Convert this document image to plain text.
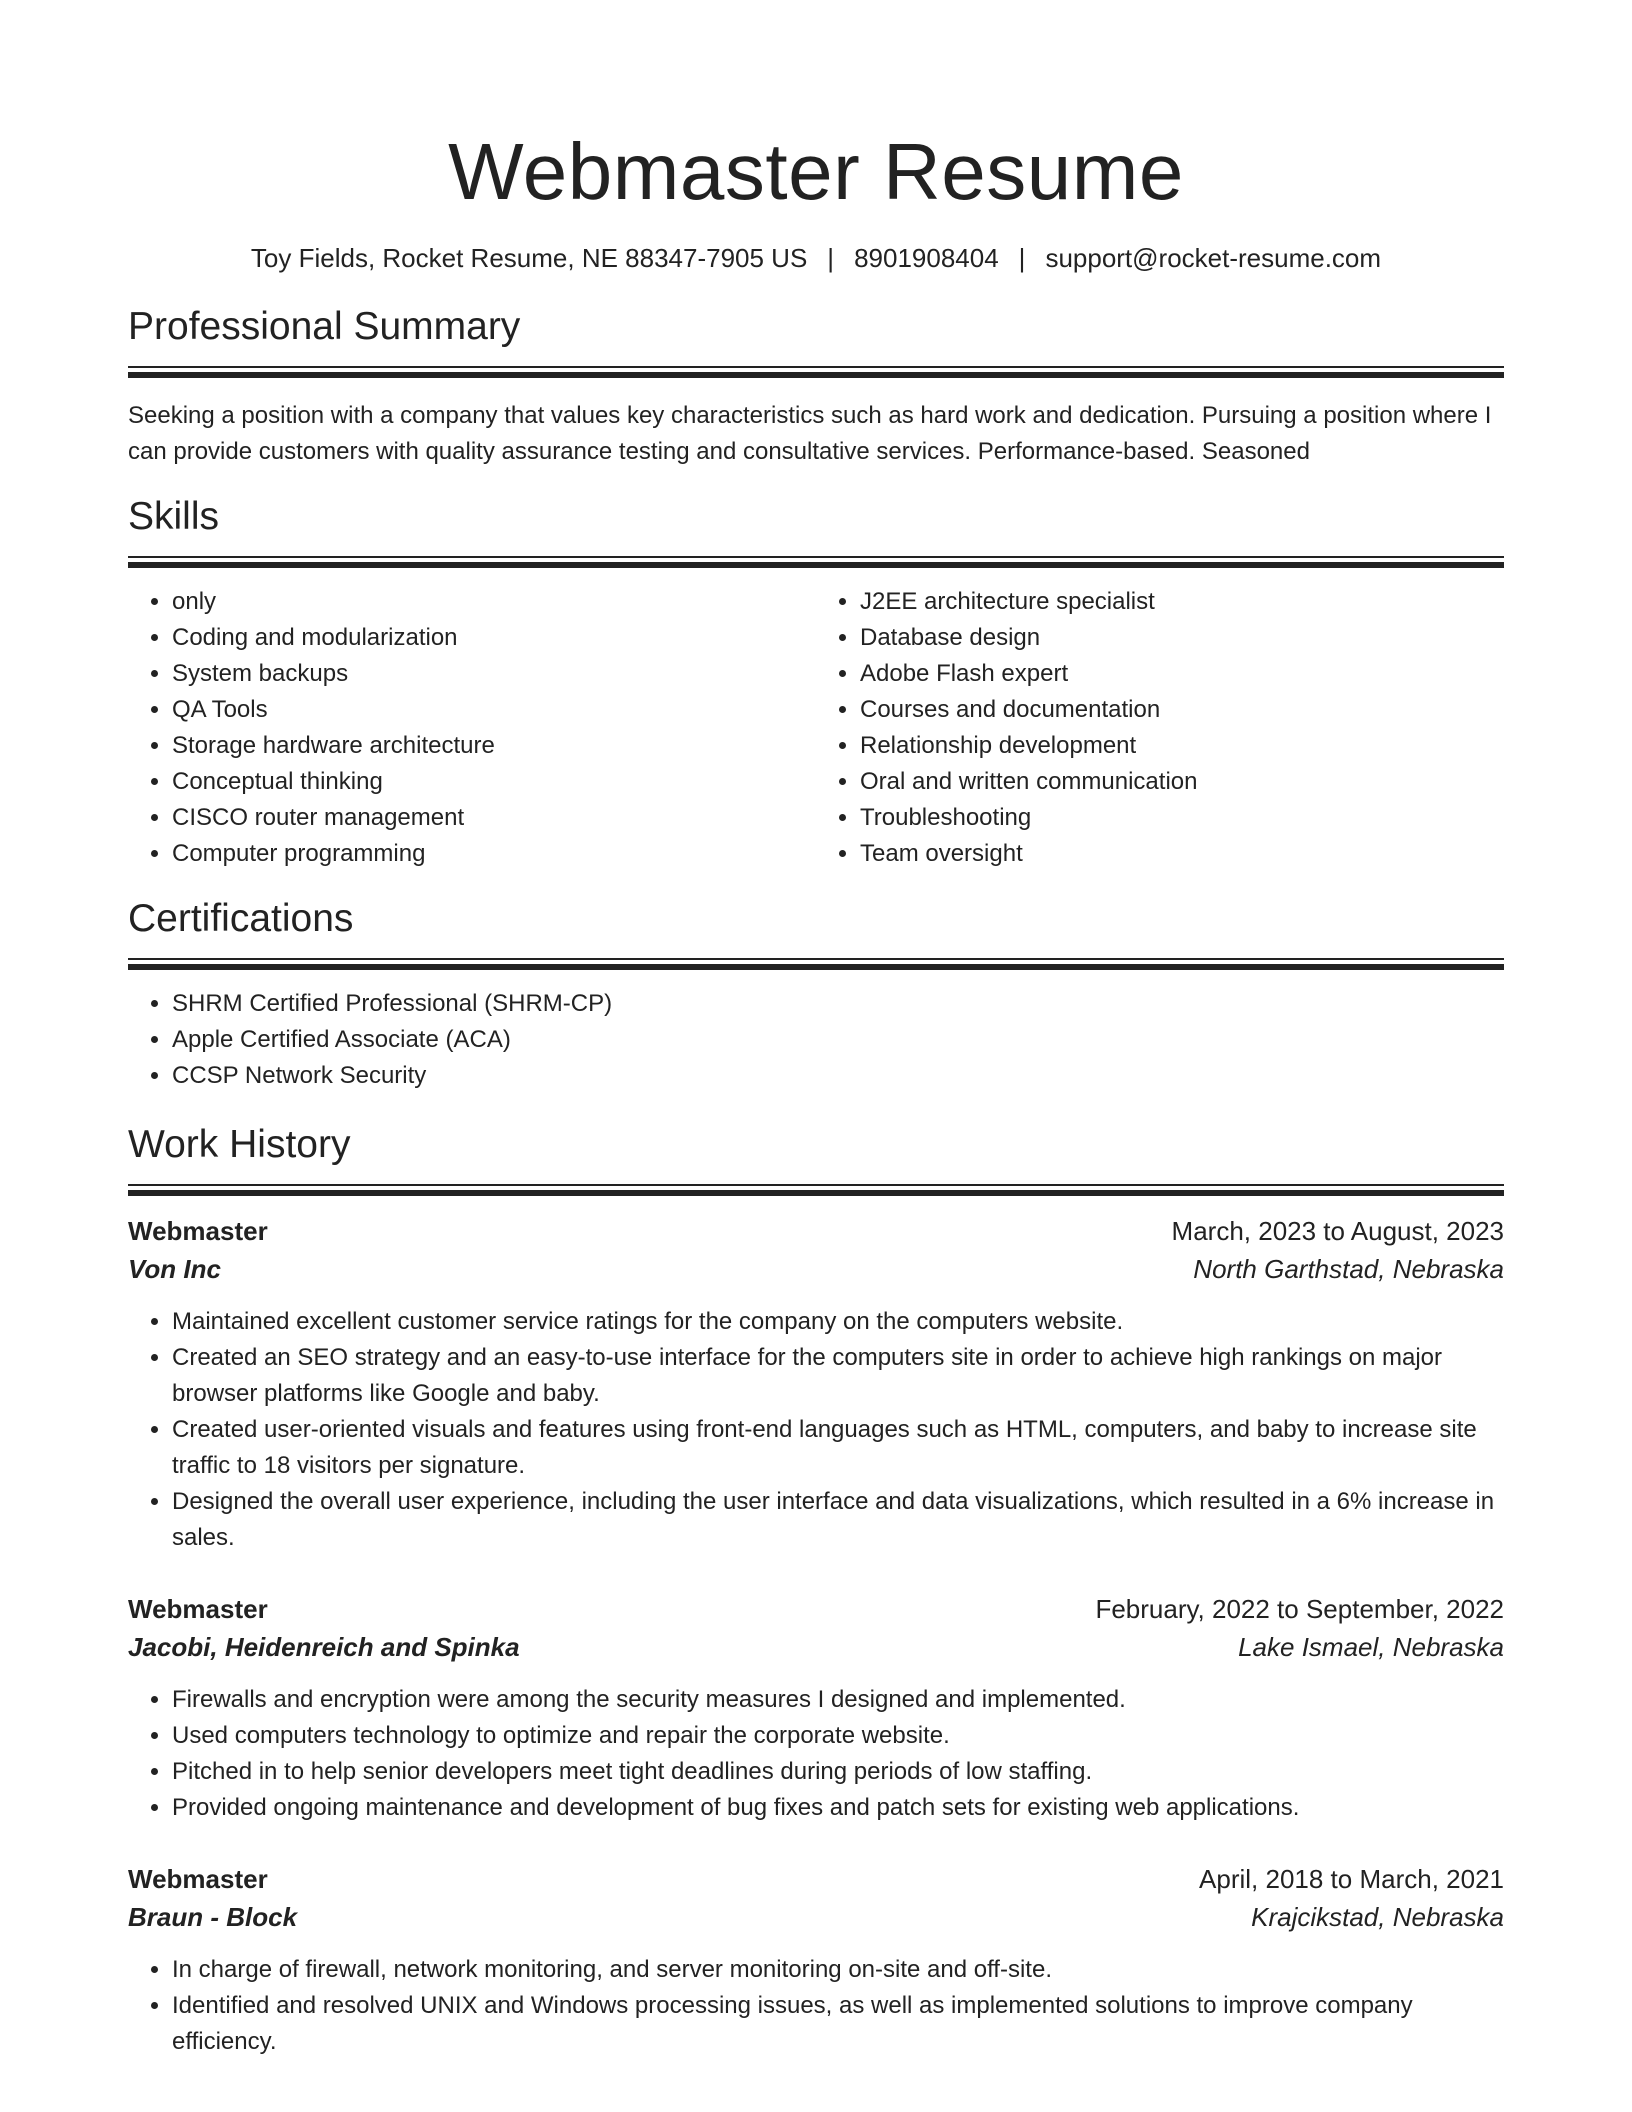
Webmaster Resume
Toy Fields, Rocket Resume, NE 88347-7905 US | 8901908404 | support@rocket-resume.com
Professional Summary

Seeking a position with a company that values key characteristics such as hard work and dedication. Pursuing a position where I can provide customers with quality assurance testing and consultative services. Performance-based. Seasoned

Skills
• only
• Coding and modularization
• System backups
• QA Tools
• Storage hardware architecture
• Conceptual thinking
• CISCO router management
• Computer programming
• J2EE architecture specialist
• Database design
• Adobe Flash expert
• Courses and documentation
• Relationship development
• Oral and written communication
• Troubleshooting
• Team oversight
Certifications
• SHRM Certified Professional (SHRM-CP)
• Apple Certified Associate (ACA)
• CCSP Network Security
Work History
Webmaster	March, 2023 to August, 2023
Von Inc	North Garthstad, Nebraska
• Maintained excellent customer service ratings for the company on the computers website.
• Created an SEO strategy and an easy-to-use interface for the computers site in order to achieve high rankings on major browser platforms like Google and baby.
• Created user-oriented visuals and features using front-end languages such as HTML, computers, and baby to increase site traffic to 18 visitors per signature.
• Designed the overall user experience, including the user interface and data visualizations, which resulted in a 6% increase in sales.
Webmaster	February, 2022 to September, 2022
Jacobi, Heidenreich and Spinka	Lake Ismael, Nebraska
• Firewalls and encryption were among the security measures I designed and implemented.
• Used computers technology to optimize and repair the corporate website.
• Pitched in to help senior developers meet tight deadlines during periods of low staffing.
• Provided ongoing maintenance and development of bug fixes and patch sets for existing web applications.
Webmaster	April, 2018 to March, 2021
Braun - Block	Krajcikstad, Nebraska
• In charge of firewall, network monitoring, and server monitoring on-site and off-site.
• Identified and resolved UNIX and Windows processing issues, as well as implemented solutions to improve company efficiency.
